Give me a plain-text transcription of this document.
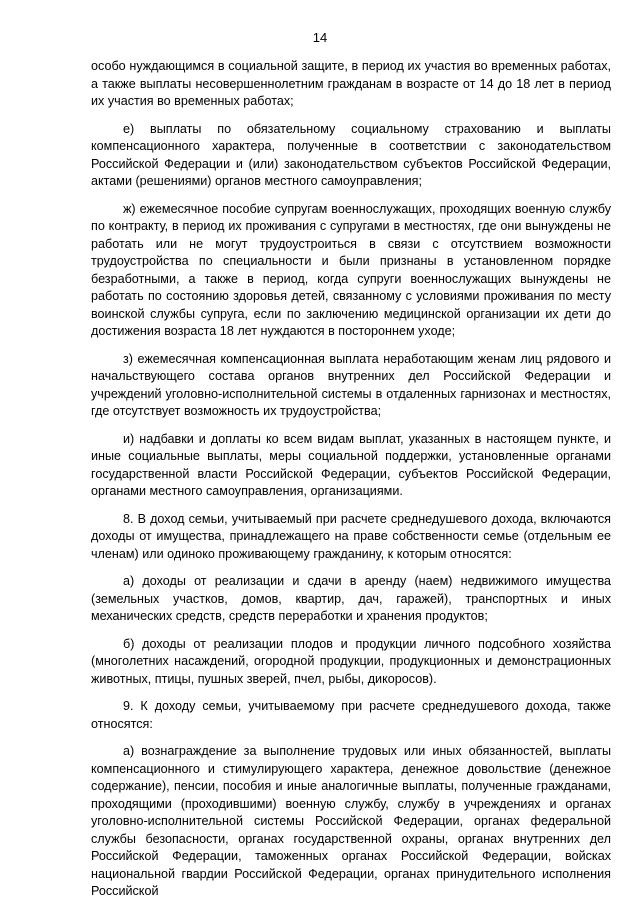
14

особо нуждающимся в социальной защите, в период их участия во временных работах, а также выплаты несовершеннолетним гражданам в возрасте от 14 до 18 лет в период их участия во временных работах;

е) выплаты по обязательному социальному страхованию и выплаты компенсационного характера, полученные в соответствии с законодательством Российской Федерации и (или) законодательством субъектов Российской Федерации, актами (решениями) органов местного самоуправления;

ж) ежемесячное пособие супругам военнослужащих, проходящих военную службу по контракту, в период их проживания с супругами в местностях, где они вынуждены не работать или не могут трудоустроиться в связи с отсутствием возможности трудоустройства по специальности и были признаны в установленном порядке безработными, а также в период, когда супруги военнослужащих вынуждены не работать по состоянию здоровья детей, связанному с условиями проживания по месту воинской службы супруга, если по заключению медицинской организации их дети до достижения возраста 18 лет нуждаются в постороннем уходе;

з) ежемесячная компенсационная выплата неработающим женам лиц рядового и начальствующего состава органов внутренних дел Российской Федерации и учреждений уголовно-исполнительной системы в отдаленных гарнизонах и местностях, где отсутствует возможность их трудоустройства;

и) надбавки и доплаты ко всем видам выплат, указанных в настоящем пункте, и иные социальные выплаты, меры социальной поддержки, установленные органами государственной власти Российской Федерации, субъектов Российской Федерации, органами местного самоуправления, организациями.

8. В доход семьи, учитываемый при расчете среднедушевого дохода, включаются доходы от имущества, принадлежащего на праве собственности семье (отдельным ее членам) или одиноко проживающему гражданину, к которым относятся:

а) доходы от реализации и сдачи в аренду (наем) недвижимого имущества (земельных участков, домов, квартир, дач, гаражей), транспортных и иных механических средств, средств переработки и хранения продуктов;

б) доходы от реализации плодов и продукции личного подсобного хозяйства (многолетних насаждений, огородной продукции, продукционных и демонстрационных животных, птицы, пушных зверей, пчел, рыбы, дикоросов).

9. К доходу семьи, учитываемому при расчете среднедушевого дохода, также относятся:

а) вознаграждение за выполнение трудовых или иных обязанностей, выплаты компенсационного и стимулирующего характера, денежное довольствие (денежное содержание), пенсии, пособия и иные аналогичные выплаты, полученные гражданами, проходящими (проходившими) военную службу, службу в учреждениях и органах уголовно-исполнительной системы Российской Федерации, органах федеральной службы безопасности, органах государственной охраны, органах внутренних дел Российской Федерации, таможенных органах Российской Федерации, войсках национальной гвардии Российской Федерации, органах принудительного исполнения Российской
